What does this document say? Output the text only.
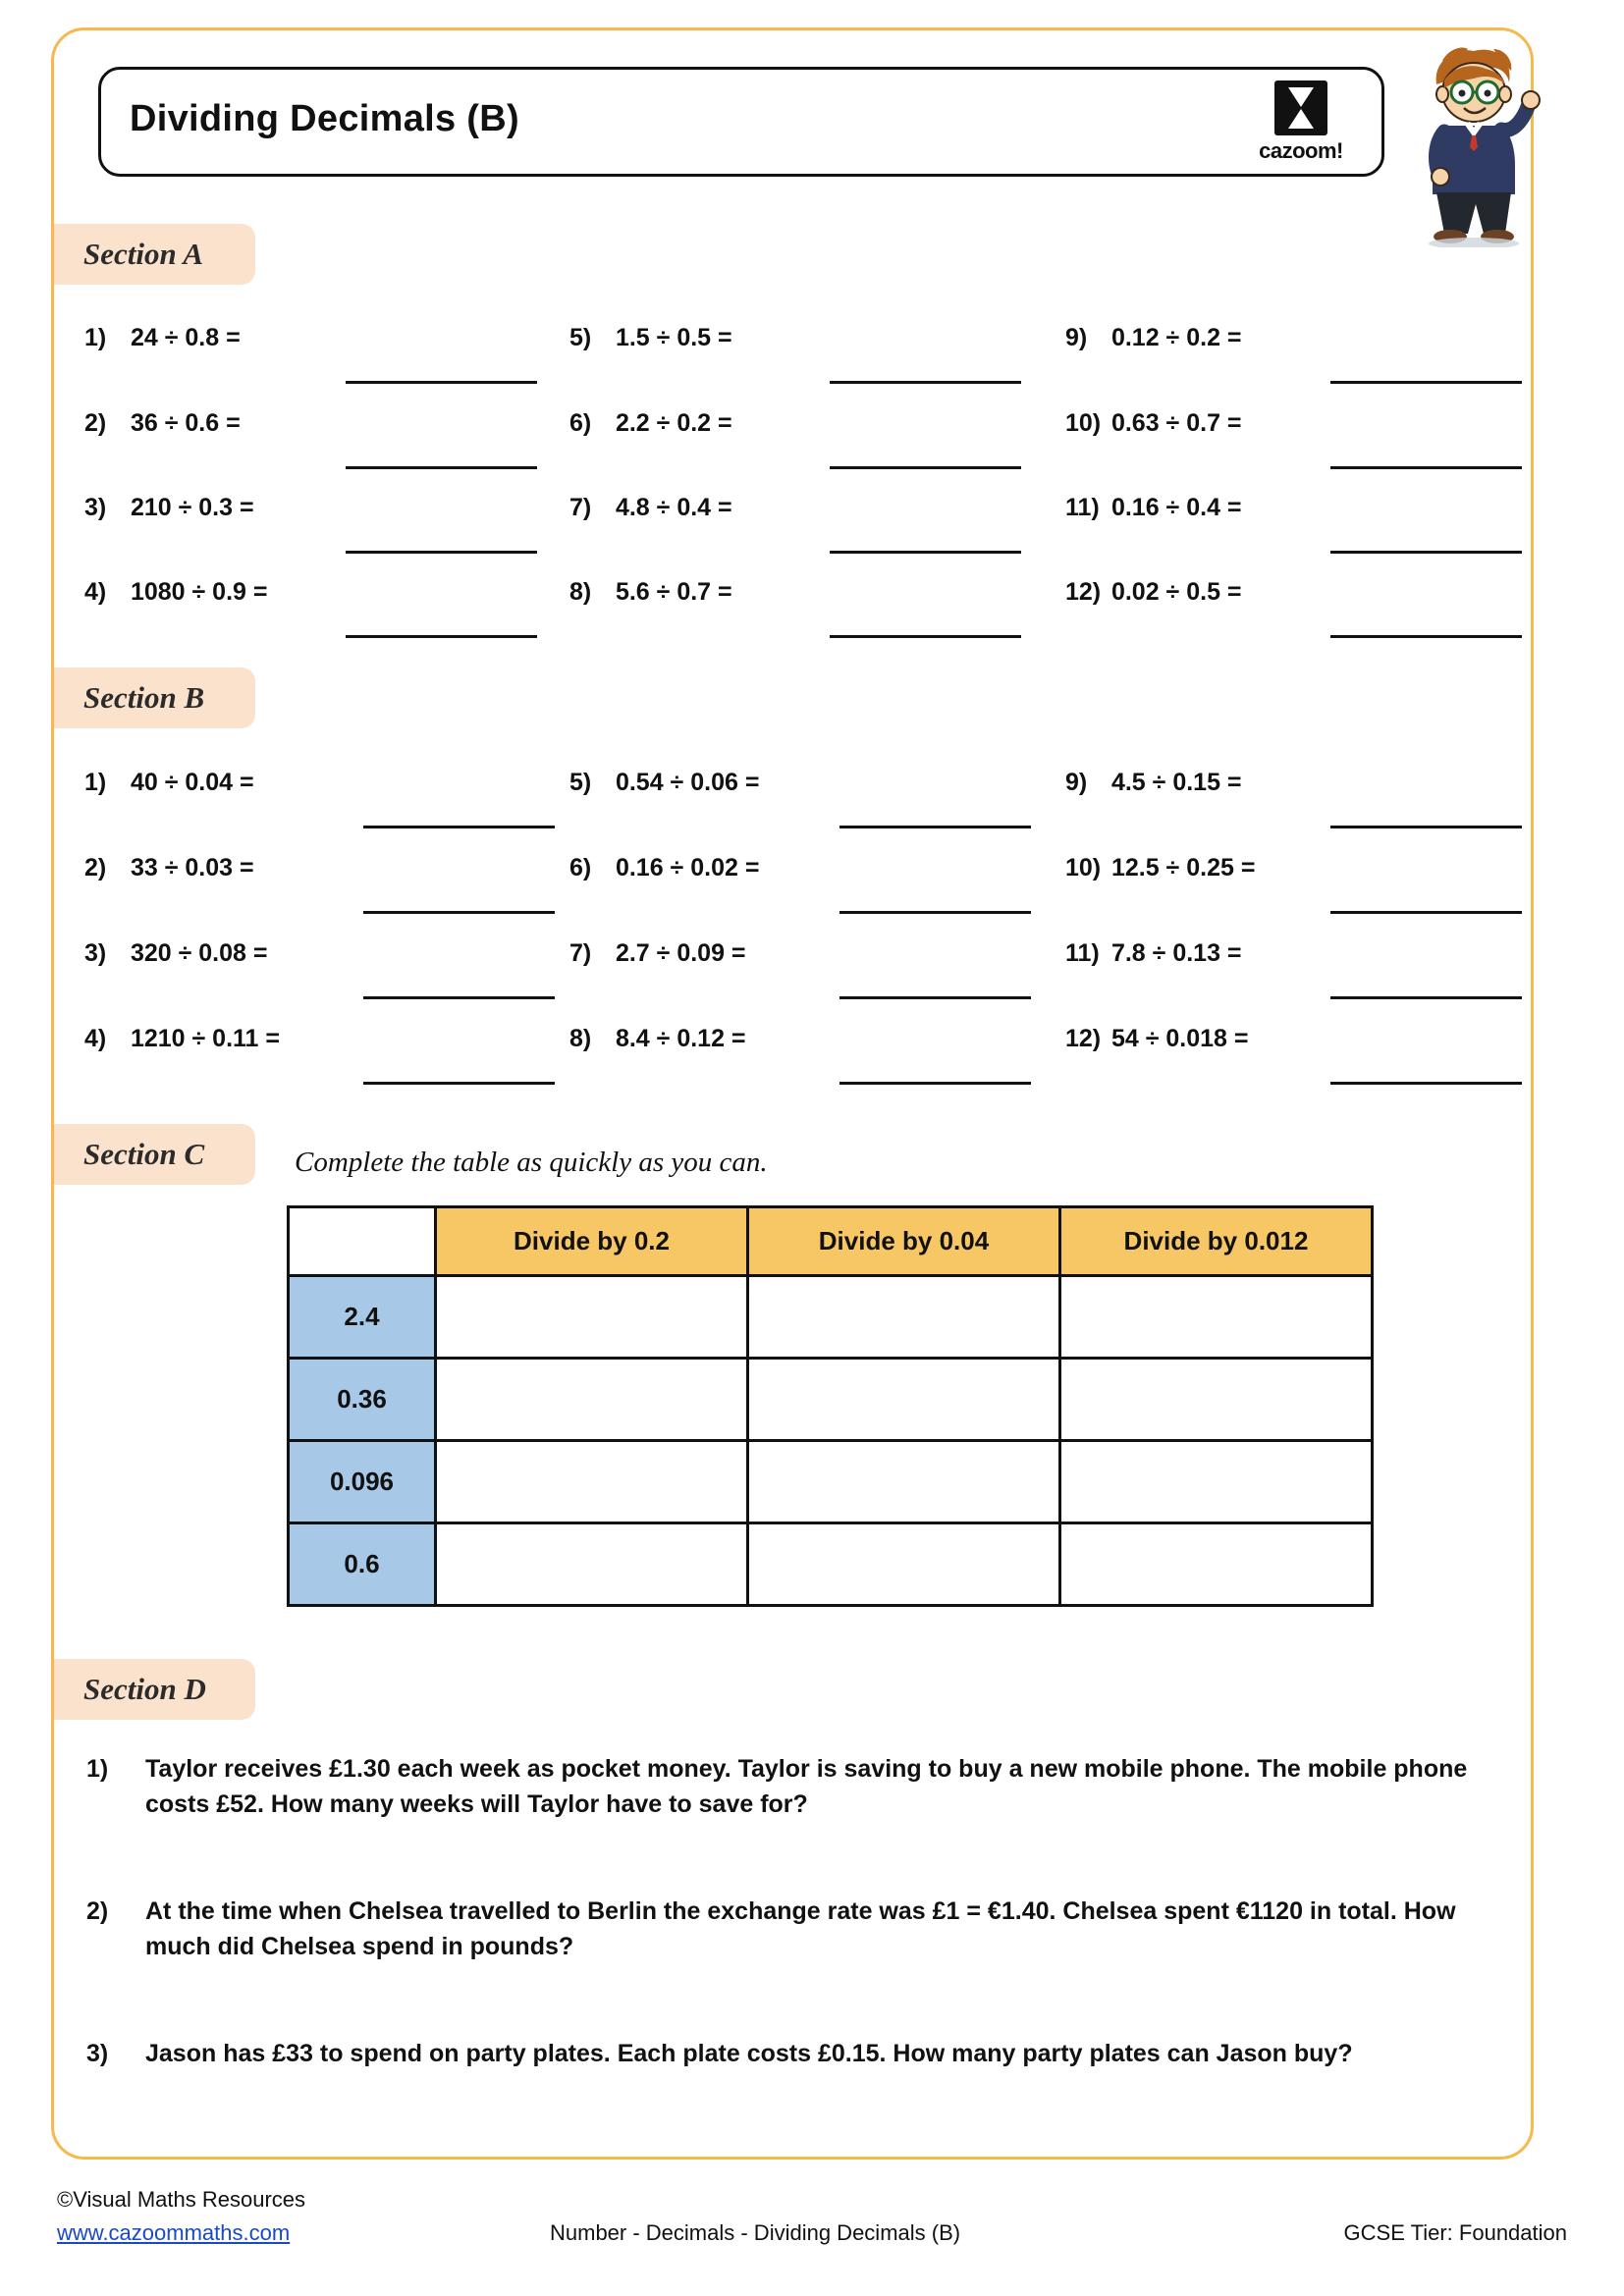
Dividing Decimals (B)
cazoom!
Section A
1) 24 ÷ 0.8 =
2) 36 ÷ 0.6 =
3) 210 ÷ 0.3 =
4) 1080 ÷ 0.9 =
5) 1.5 ÷ 0.5 =
6) 2.2 ÷ 0.2 =
7) 4.8 ÷ 0.4 =
8) 5.6 ÷ 0.7 =
9) 0.12 ÷ 0.2 =
10) 0.63 ÷ 0.7 =
11) 0.16 ÷ 0.4 =
12) 0.02 ÷ 0.5 =
Section B
1) 40 ÷ 0.04 =
2) 33 ÷ 0.03 =
3) 320 ÷ 0.08 =
4) 1210 ÷ 0.11 =
5) 0.54 ÷ 0.06 =
6) 0.16 ÷ 0.02 =
7) 2.7 ÷ 0.09 =
8) 8.4 ÷ 0.12 =
9) 4.5 ÷ 0.15 =
10) 12.5 ÷ 0.25 =
11) 7.8 ÷ 0.13 =
12) 54 ÷ 0.018 =
Section C	Complete the table as quickly as you can.
	Divide by 0.2	Divide by 0.04	Divide by 0.012
2.4			
0.36			
0.096			
0.6			
Section D
1) Taylor receives £1.30 each week as pocket money. Taylor is saving to buy a new mobile phone. The mobile phone costs £52. How many weeks will Taylor have to save for?
2) At the time when Chelsea travelled to Berlin the exchange rate was £1 = €1.40. Chelsea spent €1120 in total. How much did Chelsea spend in pounds?
3) Jason has £33 to spend on party plates. Each plate costs £0.15. How many party plates can Jason buy?
©Visual Maths Resources
www.cazoommaths.com	Number - Decimals - Dividing Decimals (B)	GCSE Tier: Foundation
